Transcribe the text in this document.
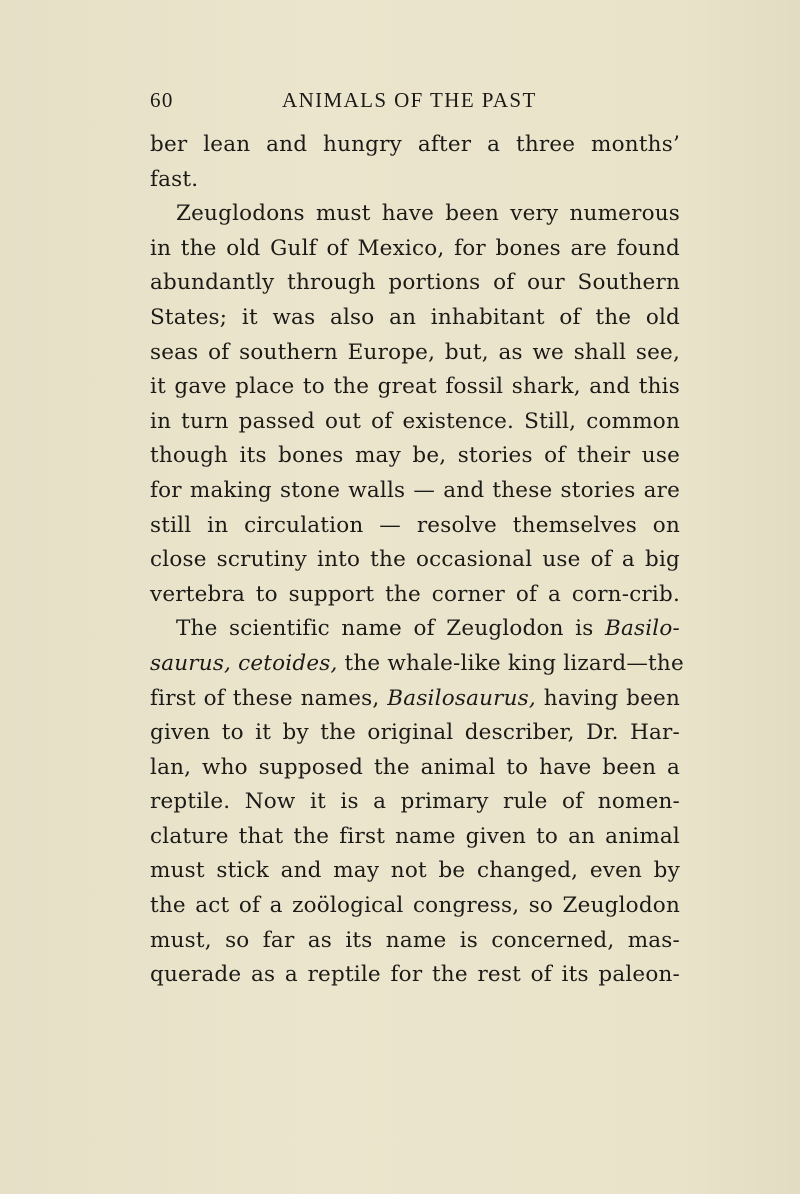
60	ANIMALS OF THE PAST
ber lean and hungry after a three months’
fast.
Zeuglodons must have been very numerous
in the old Gulf of Mexico, for bones are found
abundantly through portions of our Southern
States; it was also an inhabitant of the old
seas of southern Europe, but, as we shall see,
it gave place to the great fossil shark, and this
in turn passed out of existence. Still, common
though its bones may be, stories of their use
for making stone walls — and these stories are
still in circulation — resolve themselves on
close scrutiny into the occasional use of a big
vertebra to support the corner of a corn-crib.
The scientific name of Zeuglodon is Basilo-
saurus, cetoides, the whale-like king lizard—the
first of these names, Basilosaurus, having been
given to it by the original describer, Dr. Har-
lan, who supposed the animal to have been a
reptile. Now it is a primary rule of nomen-
clature that the first name given to an animal
must stick and may not be changed, even by
the act of a zoölogical congress, so Zeuglodon
must, so far as its name is concerned, mas-
querade as a reptile for the rest of its paleon-
